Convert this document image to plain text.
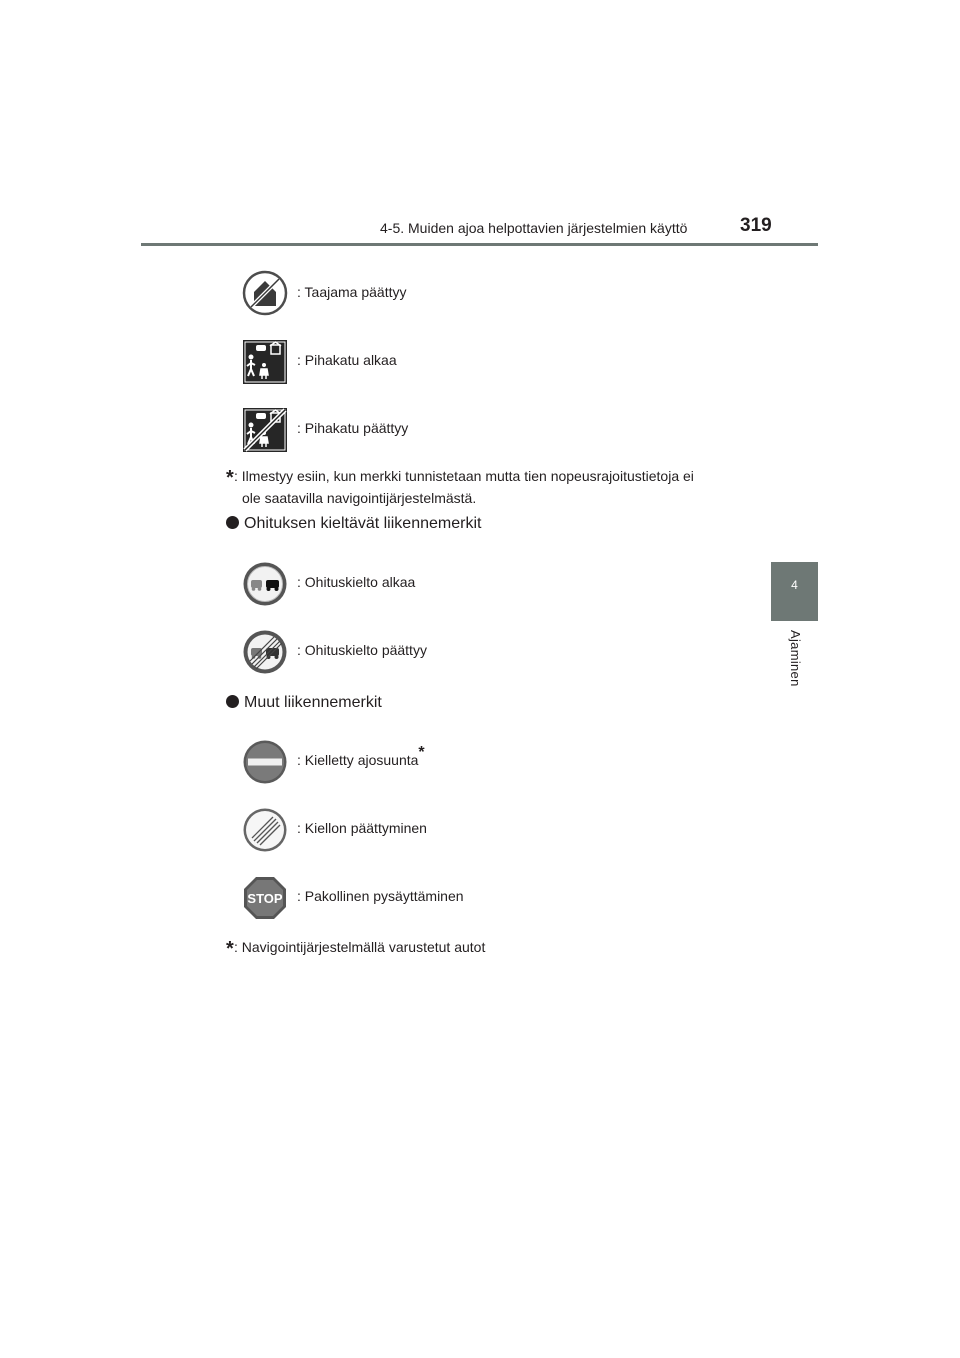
4-5. Muiden ajoa helpottavien järjestelmien käyttö	319
4
Ajaminen
: Taajama päättyy
: Pihakatu alkaa
: Pihakatu päättyy
*: Ilmestyy esiin, kun merkki tunnistetaan mutta tien nopeusrajoitustietoja ei
ole saatavilla navigointijärjestelmästä.
Ohituksen kieltävät liikennemerkit
: Ohituskielto alkaa
: Ohituskielto päättyy
Muut liikennemerkit
: Kielletty ajosuunta*
: Kiellon päättyminen
STOP : Pakollinen pysäyttäminen
*: Navigointijärjestelmällä varustetut autot
